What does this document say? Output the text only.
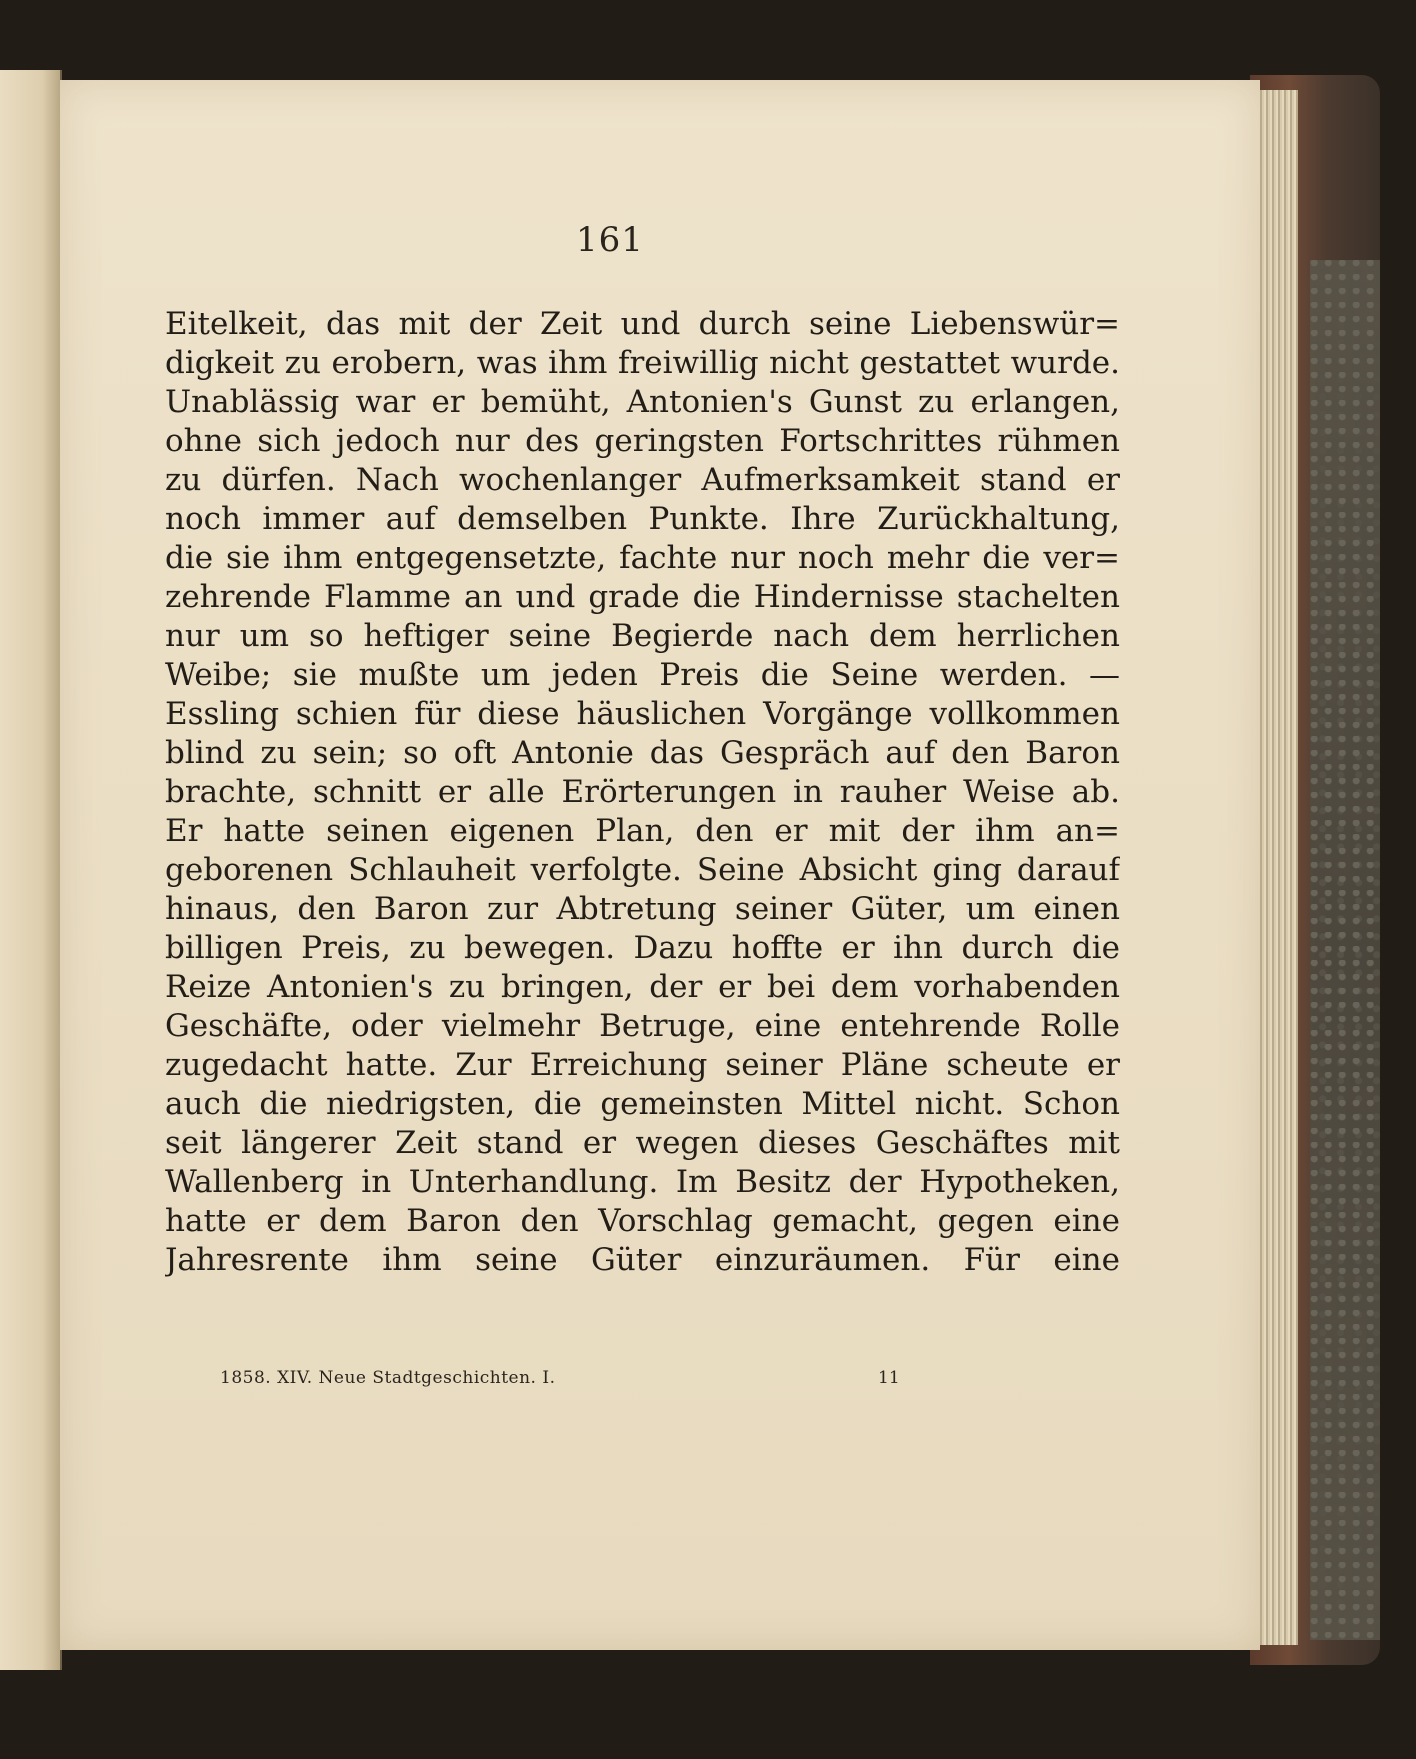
161
Eitelkeit, das mit der Zeit und durch seine Liebenswür=
digkeit zu erobern, was ihm freiwillig nicht gestattet wurde.
Unablässig war er bemüht, Antonien's Gunst zu erlangen,
ohne sich jedoch nur des geringsten Fortschrittes rühmen
zu dürfen. Nach wochenlanger Aufmerksamkeit stand er
noch immer auf demselben Punkte. Ihre Zurückhaltung,
die sie ihm entgegensetzte, fachte nur noch mehr die ver=
zehrende Flamme an und grade die Hindernisse stachelten
nur um so heftiger seine Begierde nach dem herrlichen
Weibe; sie mußte um jeden Preis die Seine werden. —
Essling schien für diese häuslichen Vorgänge vollkommen
blind zu sein; so oft Antonie das Gespräch auf den Baron
brachte, schnitt er alle Erörterungen in rauher Weise ab.
Er hatte seinen eigenen Plan, den er mit der ihm an=
geborenen Schlauheit verfolgte. Seine Absicht ging darauf
hinaus, den Baron zur Abtretung seiner Güter, um einen
billigen Preis, zu bewegen. Dazu hoffte er ihn durch die
Reize Antonien's zu bringen, der er bei dem vorhabenden
Geschäfte, oder vielmehr Betruge, eine entehrende Rolle
zugedacht hatte. Zur Erreichung seiner Pläne scheute er
auch die niedrigsten, die gemeinsten Mittel nicht. Schon
seit längerer Zeit stand er wegen dieses Geschäftes mit
Wallenberg in Unterhandlung. Im Besitz der Hypotheken,
hatte er dem Baron den Vorschlag gemacht, gegen eine
Jahresrente ihm seine Güter einzuräumen. Für eine
1858. XIV. Neue Stadtgeschichten. I.	11
